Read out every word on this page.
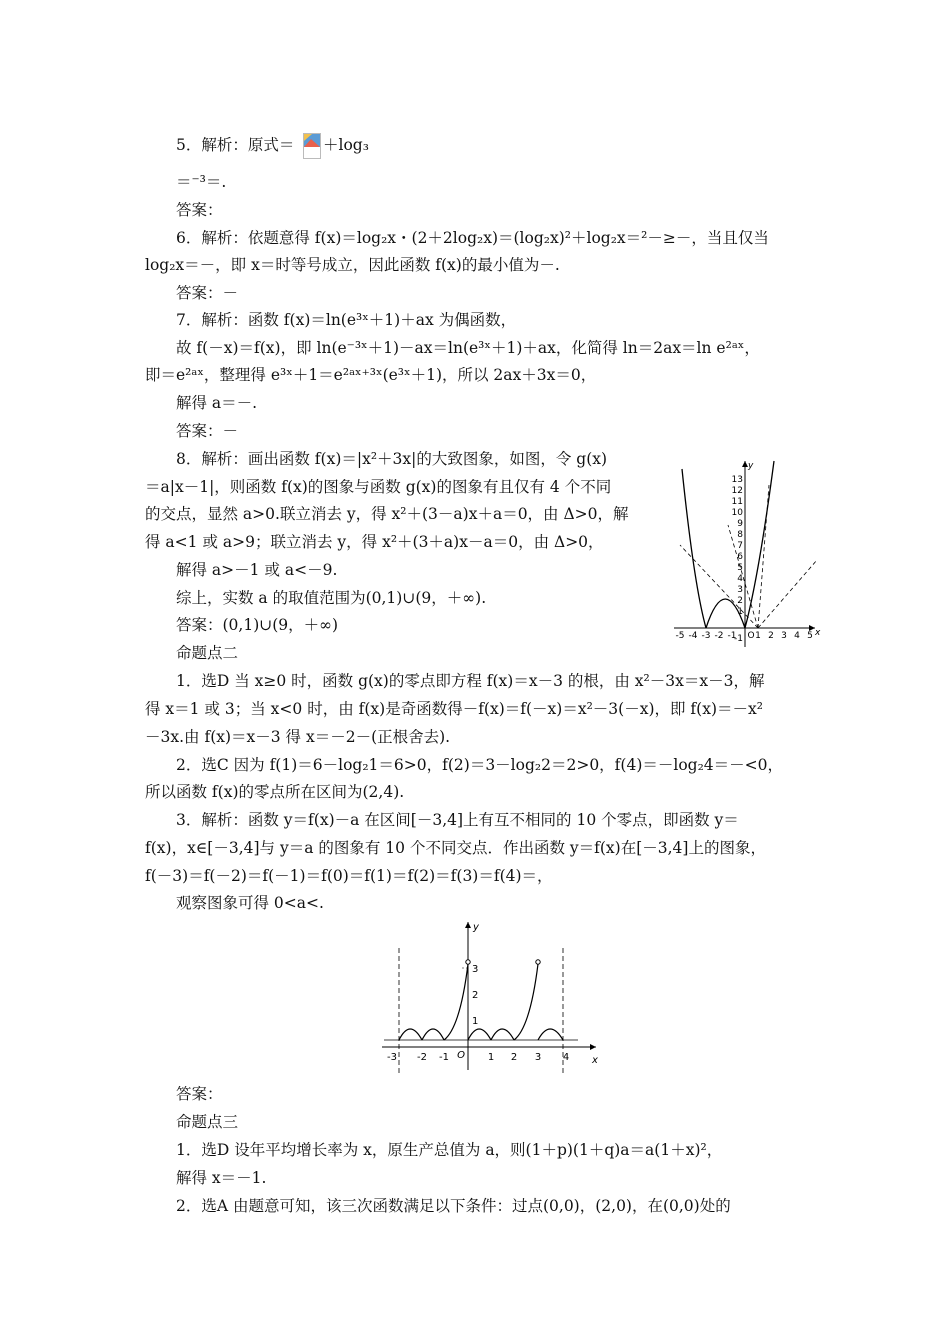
5．解析：原式＝ ＋log₃
＝⁻³＝.
答案：
6．解析：依题意得 f(x)＝log₂x・(2＋2log₂x)＝(log₂x)²＋log₂x＝²－≥－，当且仅当
log₂x＝－，即 x＝时等号成立，因此函数 f(x)的最小值为－.
答案：－
7．解析：函数 f(x)＝ln(e³ˣ＋1)＋ax 为偶函数，
故 f(－x)＝f(x)，即 ln(e⁻³ˣ＋1)－ax＝ln(e³ˣ＋1)＋ax，化简得 ln＝2ax＝ln e²ᵃˣ，
即＝e²ᵃˣ，整理得 e³ˣ＋1＝e²ᵃˣ⁺³ˣ(e³ˣ＋1)，所以 2ax＋3x＝0，
解得 a＝－.
答案：－
8．解析：画出函数 f(x)＝|x²＋3x|的大致图象，如图，令 g(x)
＝a|x－1|，则函数 f(x)的图象与函数 g(x)的图象有且仅有 4 个不同
的交点，显然 a>0.联立消去 y，得 x²＋(3－a)x＋a＝0，由 Δ>0，解
得 a<1 或 a>9；联立消去 y，得 x²＋(3＋a)x－a＝0，由 Δ>0，
解得 a>－1 或 a<－9.
综上，实数 a 的取值范围为(0,1)∪(9，＋∞).
答案：(0,1)∪(9，＋∞)
命题点二
1．选D 当 x≥0 时，函数 g(x)的零点即方程 f(x)＝x－3 的根，由 x²－3x＝x－3，解
得 x＝1 或 3；当 x<0 时，由 f(x)是奇函数得－f(x)＝f(－x)＝x²－3(－x)，即 f(x)＝－x²
－3x.由 f(x)＝x－3 得 x＝－2－(正根舍去).
2．选C 因为 f(1)＝6－log₂1＝6>0，f(2)＝3－log₂2＝2>0，f(4)＝－log₂4＝－<0，
所以函数 f(x)的零点所在区间为(2,4).
3．解析：函数 y＝f(x)－a 在区间[－3,4]上有互不相同的 10 个零点，即函数 y＝
f(x)，x∈[－3,4]与 y＝a 的图象有 10 个不同交点．作出函数 y＝f(x)在[－3,4]上的图象，
f(－3)＝f(－2)＝f(－1)＝f(0)＝f(1)＝f(2)＝f(3)＝f(4)＝，
观察图象可得 0<a<.
答案：
命题点三
1．选D 设年平均增长率为 x，原生产总值为 a，则(1＋p)(1＋q)a＝a(1＋x)²，
解得 x＝－1.
2．选A 由题意可知，该三次函数满足以下条件：过点(0,0)，(2,0)，在(0,0)处的
x
y
13
12
11
10
9
8
7
6
5
4
3
2
1
-1
-5 -4 -3 -2 -1 O 1 2 3 4 5
x
y
3
2
1
-3 -2 -1 O 1 2 3 4
